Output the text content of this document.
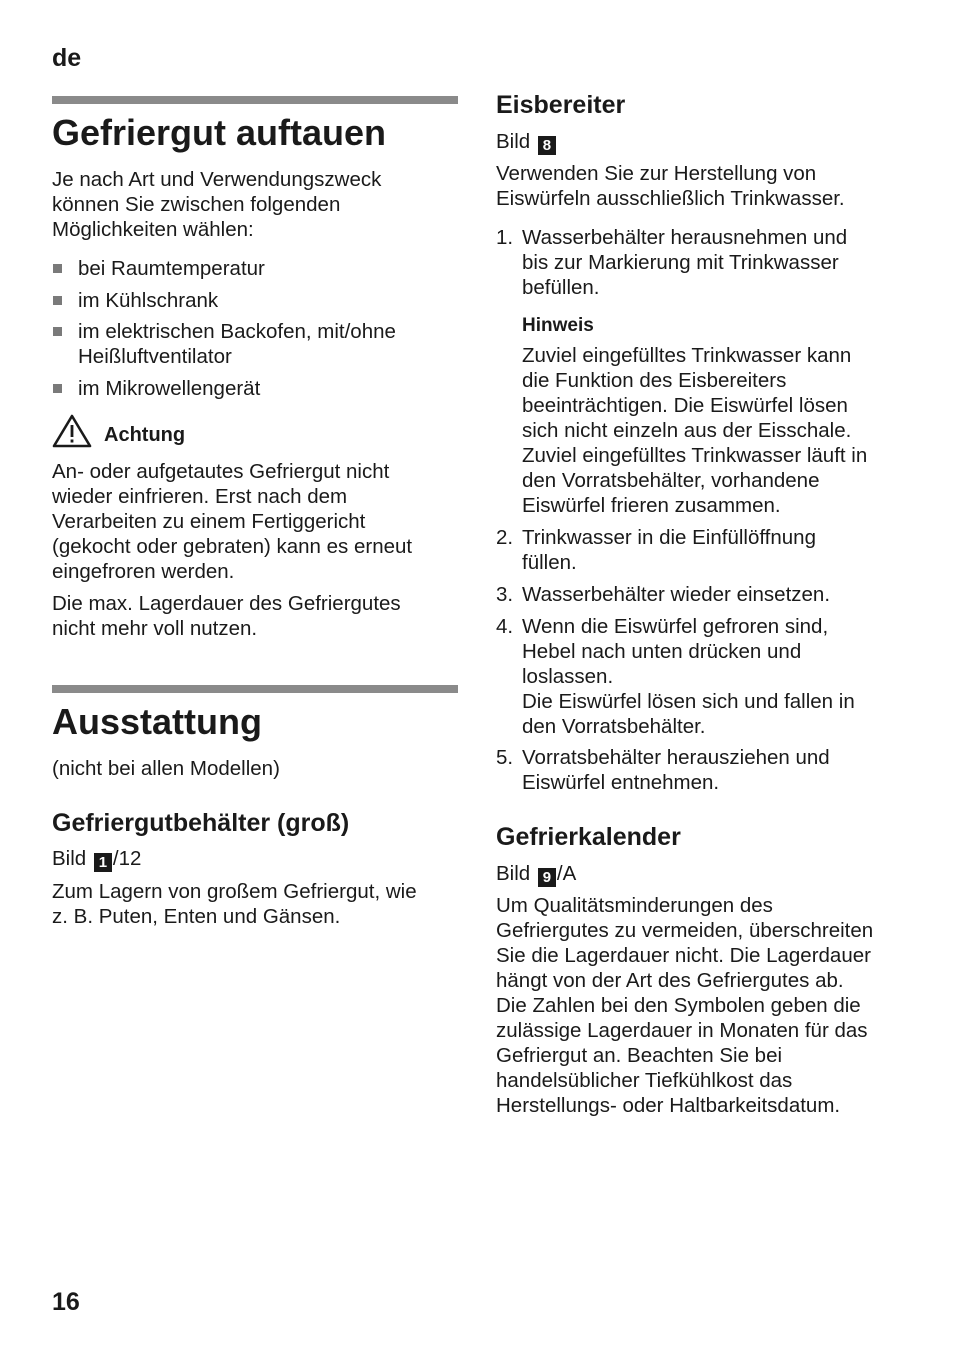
de
Gefriergut auftauen
Je nach Art und Verwendungszweck
können Sie zwischen folgenden
Möglichkeiten wählen:
bei Raumtemperatur
im Kühlschrank
im elektrischen Backofen, mit/ohne
Heißluftventilator
im Mikrowellengerät
Achtung
An- oder aufgetautes Gefriergut nicht
wieder einfrieren. Erst nach dem
Verarbeiten zu einem Fertiggericht
(gekocht oder gebraten) kann es erneut
eingefroren werden.
Die max. Lagerdauer des Gefriergutes
nicht mehr voll nutzen.
Ausstattung
(nicht bei allen Modellen)
Gefriergutbehälter (groß)
Bild 1 /12
Zum Lagern von großem Gefriergut, wie
z. B. Puten, Enten und Gänsen.
Eisbereiter
Bild 8
Verwenden Sie zur Herstellung von
Eiswürfeln ausschließlich Trinkwasser.
1. Wasserbehälter herausnehmen und
bis zur Markierung mit Trinkwasser
befüllen.
Hinweis
Zuviel eingefülltes Trinkwasser kann
die Funktion des Eisbereiters
beeinträchtigen. Die Eiswürfel lösen
sich nicht einzeln aus der Eisschale.
Zuviel eingefülltes Trinkwasser läuft in
den Vorratsbehälter, vorhandene
Eiswürfel frieren zusammen.
2. Trinkwasser in die Einfüllöffnung
füllen.
3. Wasserbehälter wieder einsetzen.
4. Wenn die Eiswürfel gefroren sind,
Hebel nach unten drücken und
loslassen.
Die Eiswürfel lösen sich und fallen in
den Vorratsbehälter.
5. Vorratsbehälter herausziehen und
Eiswürfel entnehmen.
Gefrierkalender
Bild 9 /A
Um Qualitätsminderungen des
Gefriergutes zu vermeiden, überschreiten
Sie die Lagerdauer nicht. Die Lagerdauer
hängt von der Art des Gefriergutes ab.
Die Zahlen bei den Symbolen geben die
zulässige Lagerdauer in Monaten für das
Gefriergut an. Beachten Sie bei
handelsüblicher Tiefkühlkost das
Herstellungs- oder Haltbarkeitsdatum.
16
